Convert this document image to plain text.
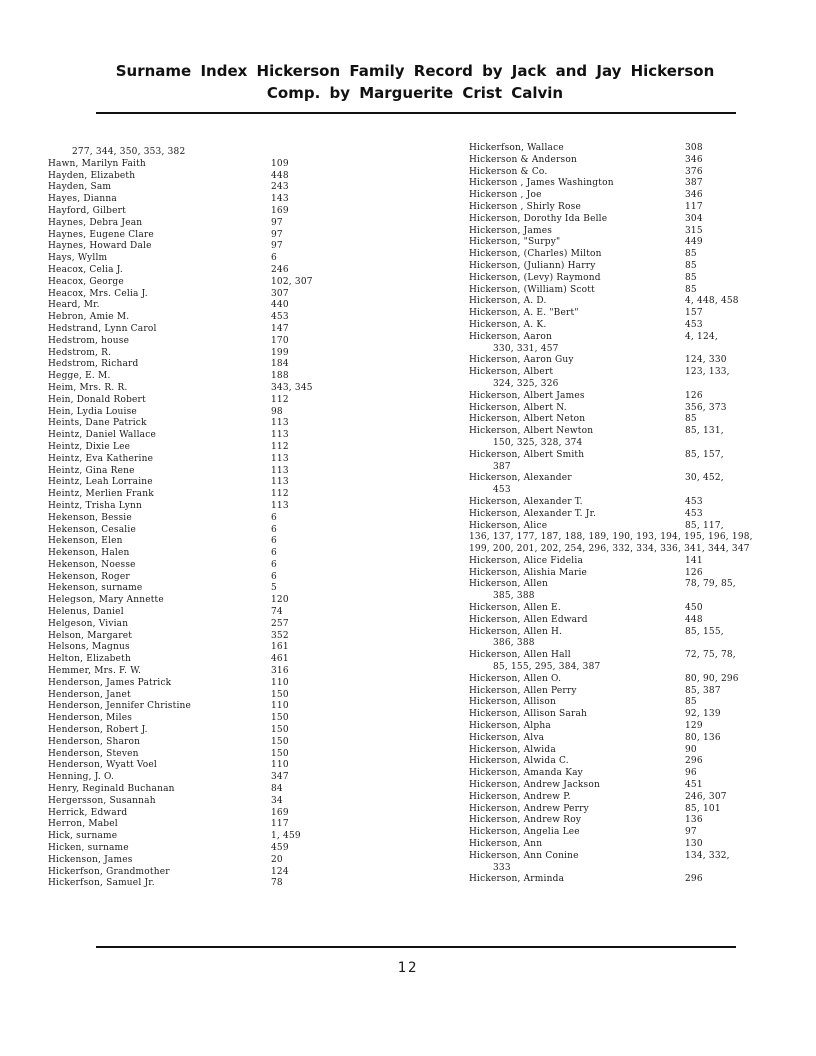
Surname Index Hickerson Family Record by Jack and Jay Hickerson
Comp. by Marguerite Crist Calvin
277, 344, 350, 353, 382
Hawn, Marilyn Faith	109
Hayden, Elizabeth	448
Hayden, Sam	243
Hayes, Dianna	143
Hayford, Gilbert	169
Haynes, Debra Jean	97
Haynes, Eugene Clare	97
Haynes, Howard Dale	97
Hays, Wyllm	6
Heacox, Celia J.	246
Heacox, George	102, 307
Heacox, Mrs. Celia J.	307
Heard, Mr.	440
Hebron, Amie M.	453
Hedstrand, Lynn Carol	147
Hedstrom, house	170
Hedstrom, R.	199
Hedstrom, Richard	184
Hegge, E. M.	188
Heim, Mrs. R. R.	343, 345
Hein, Donald Robert	112
Hein, Lydia Louise	98
Heints, Dane Patrick	113
Heintz, Daniel Wallace	113
Heintz, Dixie Lee	112
Heintz, Eva Katherine	113
Heintz, Gina Rene	113
Heintz, Leah Lorraine	113
Heintz, Merlien Frank	112
Heintz, Trisha Lynn	113
Hekenson, Bessie	6
Hekenson, Cesalie	6
Hekenson, Elen	6
Hekenson, Halen	6
Hekenson, Noesse	6
Hekenson, Roger	6
Hekenson, surname	5
Helegson, Mary Annette	120
Helenus, Daniel	74
Helgeson, Vivian	257
Helson, Margaret	352
Helsons, Magnus	161
Helton, Elizabeth	461
Hemmer, Mrs. F. W.	316
Henderson, James Patrick	110
Henderson, Janet	150
Henderson, Jennifer Christine	110
Henderson, Miles	150
Henderson, Robert J.	150
Henderson, Sharon	150
Henderson, Steven	150
Henderson, Wyatt Voel	110
Henning, J. O.	347
Henry, Reginald Buchanan	84
Hergersson, Susannah	34
Herrick, Edward	169
Herron, Mabel	117
Hick, surname	1, 459
Hicken, surname	459
Hickenson, James	20
Hickerfson, Grandmother	124
Hickerfson, Samuel Jr.	78
Hickerfson, Wallace	308
Hickerson & Anderson	346
Hickerson & Co.	376
Hickerson , James Washington	387
Hickerson , Joe	346
Hickerson , Shirly Rose	117
Hickerson, Dorothy Ida Belle	304
Hickerson, James	315
Hickerson, "Surpy"	449
Hickerson, (Charles) Milton	85
Hickerson, (Juliann) Harry	85
Hickerson, (Levy) Raymond	85
Hickerson, (William) Scott	85
Hickerson, A. D.	4, 448, 458
Hickerson, A. E. "Bert"	157
Hickerson, A. K.	453
Hickerson, Aaron	4, 124,
330, 331, 457
Hickerson, Aaron Guy	124, 330
Hickerson, Albert	123, 133,
324, 325, 326
Hickerson, Albert James	126
Hickerson, Albert N.	356, 373
Hickerson, Albert Neton	85
Hickerson, Albert Newton	85, 131,
150, 325, 328, 374
Hickerson, Albert Smith	85, 157,
387
Hickerson, Alexander	30, 452,
453
Hickerson, Alexander T.	453
Hickerson, Alexander T. Jr.	453
Hickerson, Alice	85, 117,
136, 137, 177, 187, 188, 189, 190, 193, 194, 195, 196, 198,
199, 200, 201, 202, 254, 296, 332, 334, 336, 341, 344, 347
Hickerson, Alice Fidelia	141
Hickerson, Alishia Marie	126
Hickerson, Allen	78, 79, 85,
385, 388
Hickerson, Allen E.	450
Hickerson, Allen Edward	448
Hickerson, Allen H.	85, 155,
386, 388
Hickerson, Allen Hall	72, 75, 78,
85, 155, 295, 384, 387
Hickerson, Allen O.	80, 90, 296
Hickerson, Allen Perry	85, 387
Hickerson, Allison	85
Hickerson, Allison Sarah	92, 139
Hickerson, Alpha	129
Hickerson, Alva	80, 136
Hickerson, Alwida	90
Hickerson, Alwida C.	296
Hickerson, Amanda Kay	96
Hickerson, Andrew Jackson	451
Hickerson, Andrew P.	246, 307
Hickerson, Andrew Perry	85, 101
Hickerson, Andrew Roy	136
Hickerson, Angelia Lee	97
Hickerson, Ann	130
Hickerson, Ann Conine	134, 332,
333
Hickerson, Arminda	296
12
